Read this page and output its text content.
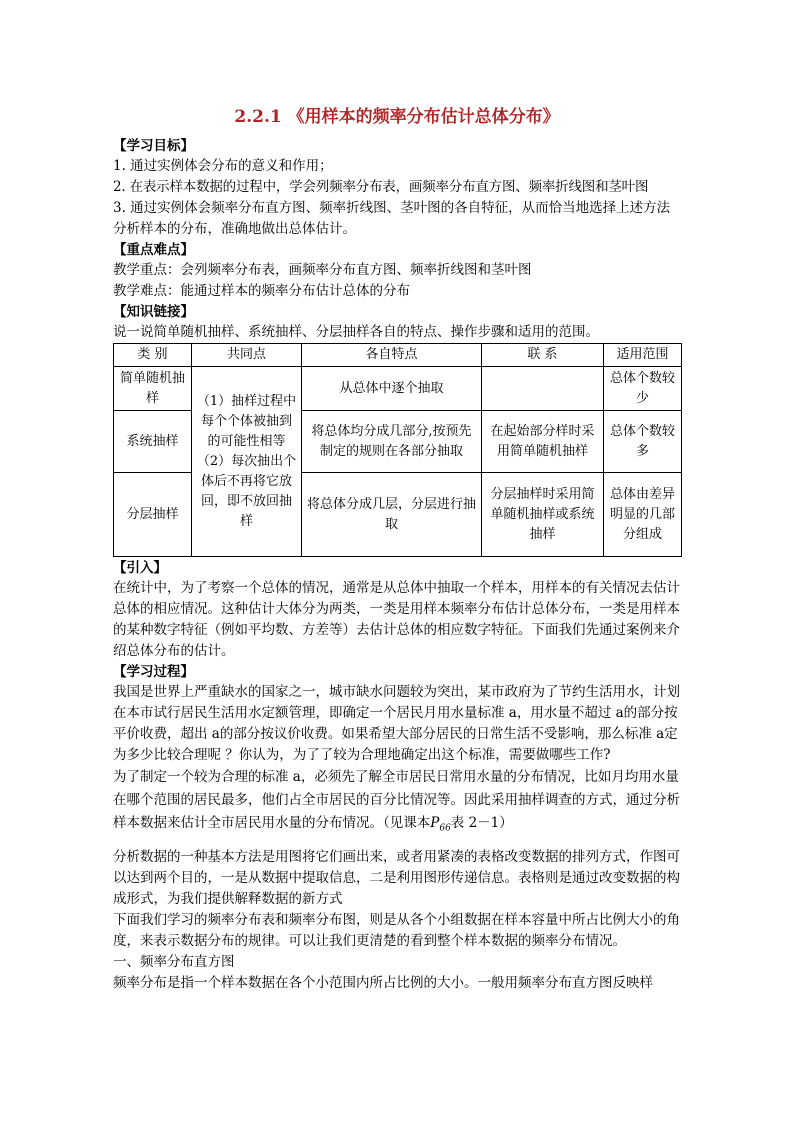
2.2.1 《用样本的频率分布估计总体分布》
【学习目标】

1. 通过实例体会分布的意义和作用；

2. 在表示样本数据的过程中，学会列频率分布表，画频率分布直方图、频率折线图和茎叶图

3. 通过实例体会频率分布直方图、频率折线图、茎叶图的各自特征，从而恰当地选择上述方法分析样本的分布，准确地做出总体估计。

【重点难点】

教学重点：会列频率分布表，画频率分布直方图、频率折线图和茎叶图

教学难点：能通过样本的频率分布估计总体的分布

【知识链接】

说一说简单随机抽样、系统抽样、分层抽样各自的特点、操作步骤和适用的范围。

类 别	共同点	各自特点	联 系	适用范围
简单随机抽样	（1）抽样过程中每个个体被抽到的可能性相等（2）每次抽出个体后不再将它放回，即不放回抽样	从总体中逐个抽取		总体个数较少
系统抽样		将总体均分成几部分,按预先制定的规则在各部分抽取	在起始部分样时采用简单随机抽样	总体个数较多
分层抽样		将总体分成几层，分层进行抽取	分层抽样时采用简单随机抽样或系统抽样	总体由差异明显的几部分组成
【引入】

在统计中，为了考察一个总体的情况，通常是从总体中抽取一个样本，用样本的有关情况去估计总体的相应情况。这种估计大体分为两类，一类是用样本频率分布估计总体分布，一类是用样本的某种数字特征（例如平均数、方差等）去估计总体的相应数字特征。下面我们先通过案例来介绍总体分布的估计。

【学习过程】

我国是世界上严重缺水的国家之一，城市缺水问题较为突出，某市政府为了节约生活用水，计划在本市试行居民生活用水定额管理，即确定一个居民月用水量标准 a，用水量不超过 a的部分按平价收费，超出 a的部分按议价收费。如果希望大部分居民的日常生活不受影响，那么标准 a定为多少比较合理呢 ？你认为，为了了较为合理地确定出这个标准，需要做哪些工作?

为了制定一个较为合理的标准 a，必须先了解全市居民日常用水量的分布情况，比如月均用水量在哪个范围的居民最多，他们占全市居民的百分比情况等。因此采用抽样调查的方式，通过分析样本数据来估计全市居民用水量的分布情况。（见课本$P_{66}$表 2－1）

分析数据的一种基本方法是用图将它们画出来，或者用紧凑的表格改变数据的排列方式，作图可以达到两个目的，一是从数据中提取信息，二是利用图形传递信息。表格则是通过改变数据的构成形式，为我们提供解释数据的新方式

下面我们学习的频率分布表和频率分布图，则是从各个小组数据在样本容量中所占比例大小的角度，来表示数据分布的规律。可以让我们更清楚的看到整个样本数据的频率分布情况。

一、频率分布直方图

频率分布是指一个样本数据在各个小范围内所占比例的大小。一般用频率分布直方图反映样
